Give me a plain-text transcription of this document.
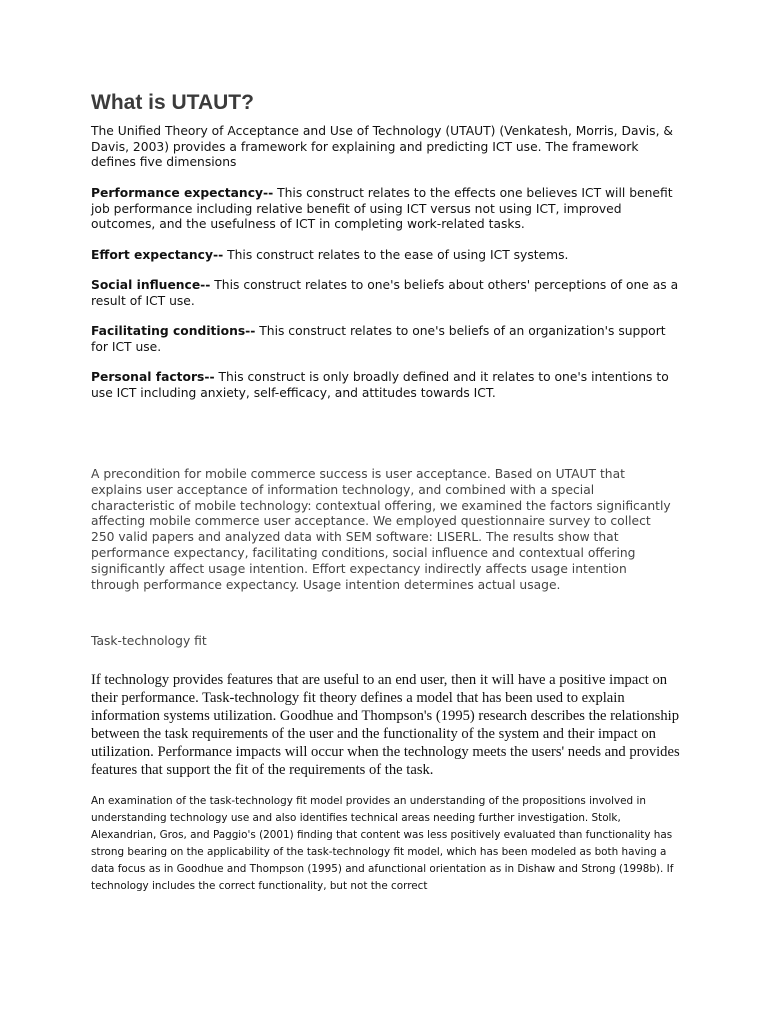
What is UTAUT?

The Unified Theory of Acceptance and Use of Technology (UTAUT) (Venkatesh, Morris, Davis, & Davis, 2003) provides a framework for explaining and predicting ICT use. The framework defines five dimensions

Performance expectancy-- This construct relates to the effects one believes ICT will benefit job performance including relative benefit of using ICT versus not using ICT, improved outcomes, and the usefulness of ICT in completing work-related tasks.

Effort expectancy-- This construct relates to the ease of using ICT systems.

Social influence-- This construct relates to one's beliefs about others' perceptions of one as a result of ICT use.

Facilitating conditions-- This construct relates to one's beliefs of an organization's support for ICT use.

Personal factors-- This construct is only broadly defined and it relates to one's intentions to use ICT including anxiety, self-efficacy, and attitudes towards ICT.

A precondition for mobile commerce success is user acceptance. Based on UTAUT that explains user acceptance of information technology, and combined with a special characteristic of mobile technology: contextual offering, we examined the factors significantly affecting mobile commerce user acceptance. We employed questionnaire survey to collect 250 valid papers and analyzed data with SEM software: LISERL. The results show that performance expectancy, facilitating conditions, social influence and contextual offering significantly affect usage intention. Effort expectancy indirectly affects usage intention through performance expectancy. Usage intention determines actual usage.

Task-technology fit

If technology provides features that are useful to an end user, then it will have a positive impact on their performance. Task-technology fit theory defines a model that has been used to explain information systems utilization. Goodhue and Thompson's (1995) research describes the relationship between the task requirements of the user and the functionality of the system and their impact on utilization. Performance impacts will occur when the technology meets the users' needs and provides features that support the fit of the requirements of the task.

An examination of the task-technology fit model provides an understanding of the propositions involved in understanding technology use and also identifies technical areas needing further investigation. Stolk, Alexandrian, Gros, and Paggio's (2001) finding that content was less positively evaluated than functionality has strong bearing on the applicability of the task-technology fit model, which has been modeled as both having a data focus as in Goodhue and Thompson (1995) and afunctional orientation as in Dishaw and Strong (1998b). If technology includes the correct functionality, but not the correct
